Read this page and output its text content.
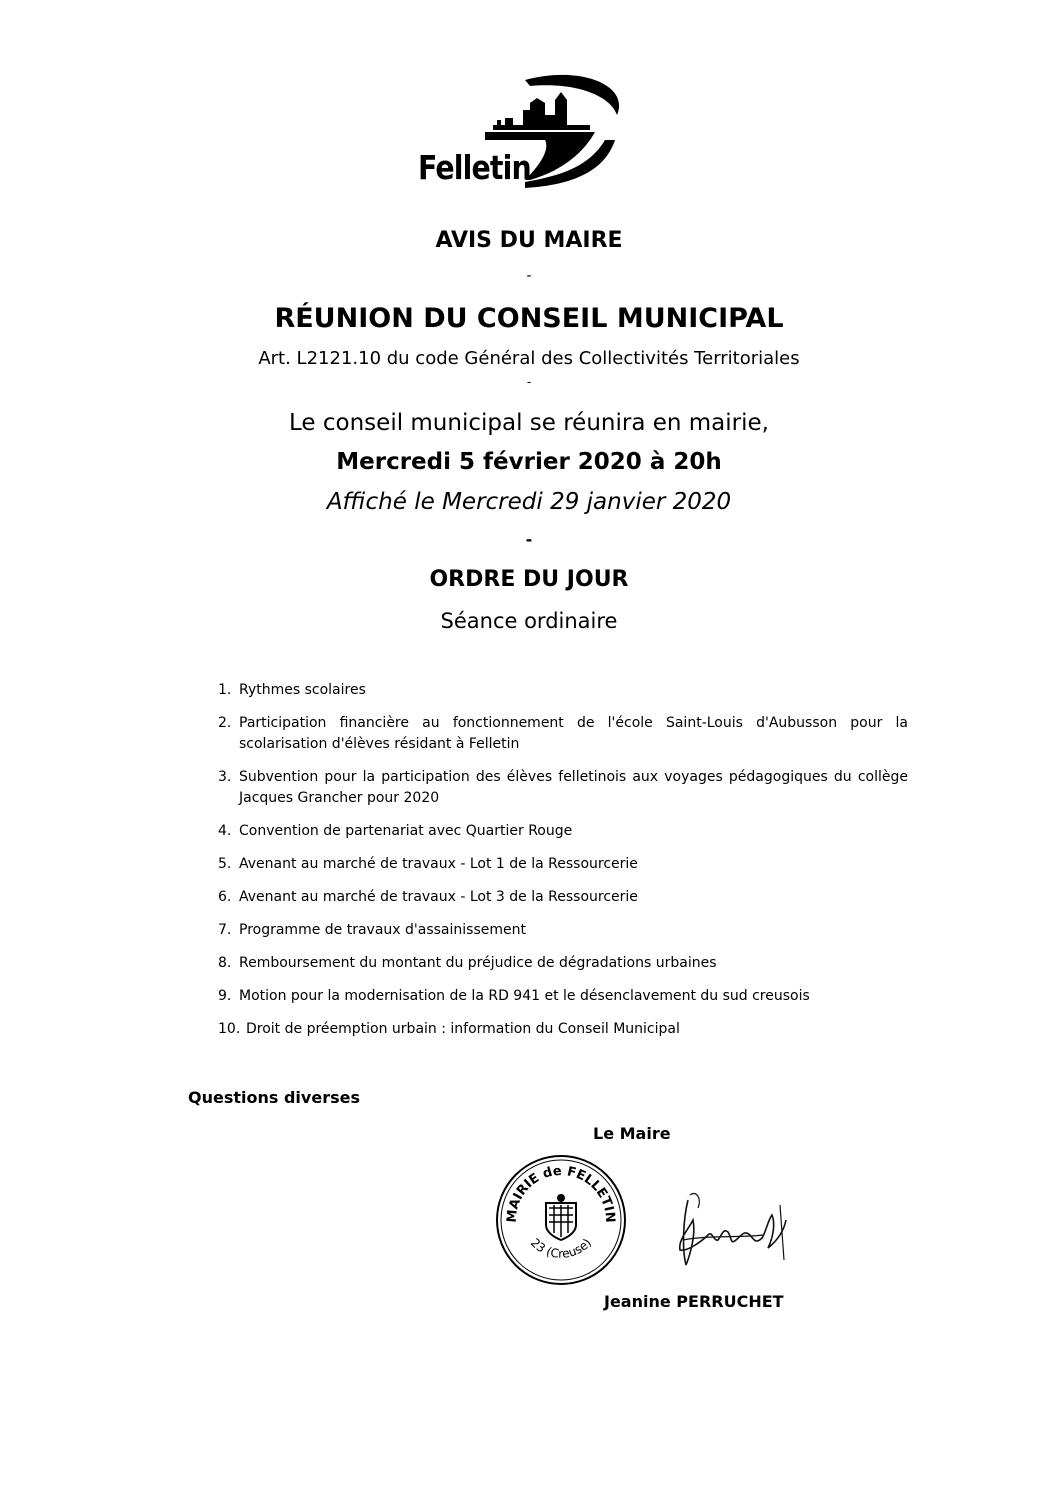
Felletin
AVIS DU MAIRE
-
RÉUNION DU CONSEIL MUNICIPAL
Art. L2121.10 du code Général des Collectivités Territoriales
-
Le conseil municipal se réunira en mairie,
Mercredi 5 février 2020 à 20h
Affiché le Mercredi 29 janvier 2020
-
ORDRE DU JOUR
Séance ordinaire
1. Rythmes scolaires
2. Participation financière au fonctionnement de l'école Saint-Louis d'Aubusson pour la scolarisation d'élèves résidant à Felletin
3. Subvention pour la participation des élèves felletinois aux voyages pédagogiques du collège Jacques Grancher pour 2020
4. Convention de partenariat avec Quartier Rouge
5. Avenant au marché de travaux - Lot 1 de la Ressourcerie
6. Avenant au marché de travaux - Lot 3 de la Ressourcerie
7. Programme de travaux d'assainissement
8. Remboursement du montant du préjudice de dégradations urbaines
9. Motion pour la modernisation de la RD 941 et le désenclavement du sud creusois
10. Droit de préemption urbain : information du Conseil Municipal
Questions diverses
Le Maire
MAIRIE de FELLETIN
23 (Creuse)
Jeanine PERRUCHET
